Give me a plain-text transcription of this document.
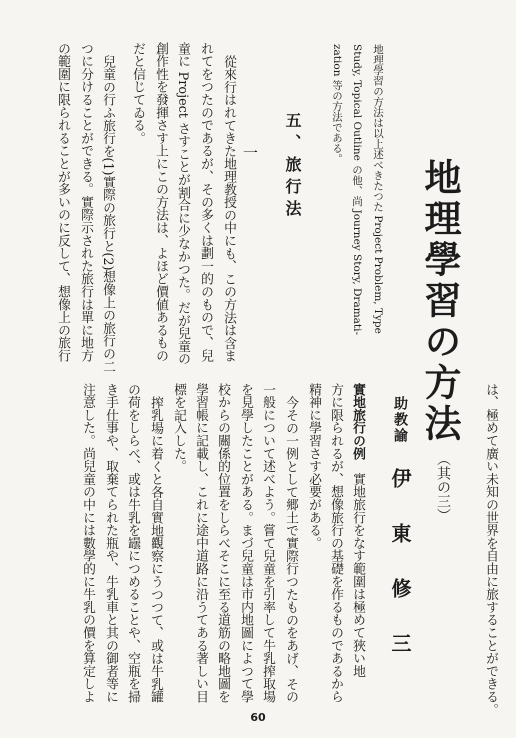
地理學習の方法
（其の三）
助教諭
伊東修三
地理學習の方法は以上述べきたつた Project Problem, Type
Study, Topical Outline の他、尚 Journey Story, Dramati-
zation 等の方法である。
五、旅行法
一
從來行はれてきた地理教授の中にも、この方法は含ま
れてをつたのであるが、その多くは劃一的のもので、兒
童に Project さすことが割合に少なかつた。だが兒童の
創作性を發揮さす上にこの方法は、よほど價値あるもの
だと信じてゐる。
兒童の行ふ旅行を(1)實際の旅行と(2)想像上の旅行の二
つに分けることができる。實際示された旅行は單に地方
の範圍に限られることが多いのに反して、想像上の旅行
は、極めて廣い未知の世界を自由に旅することができる。
實地旅行の例實地旅行をなす範圍は極めて狹い地
方に限られるが、想像旅行の基礎を作るものであるから
精神に學習さす必要がある。
今その一例として郷土で實際行つたものをあげ、その
一般について述べよう。嘗て兒童を引率して牛乳搾取場
を見學したことがある。まづ兒童は市内地圖によつて學
校からの關係的位置をしらべそこに至る道筋の略地圖を
學習帳に記載し、これに途中道路に沿うてある著しい目
標を記入した。
搾乳場に着くと各自實地觀察にうつつて、或は牛乳罐
の荷をしらべ、或は牛乳を罎につめることや、空瓶を掃
き手仕事や、取棄てられた瓶や、牛乳車と其の御者等に
注意した。尚兒童の中には數學的に牛乳の價を算定しよ
60
